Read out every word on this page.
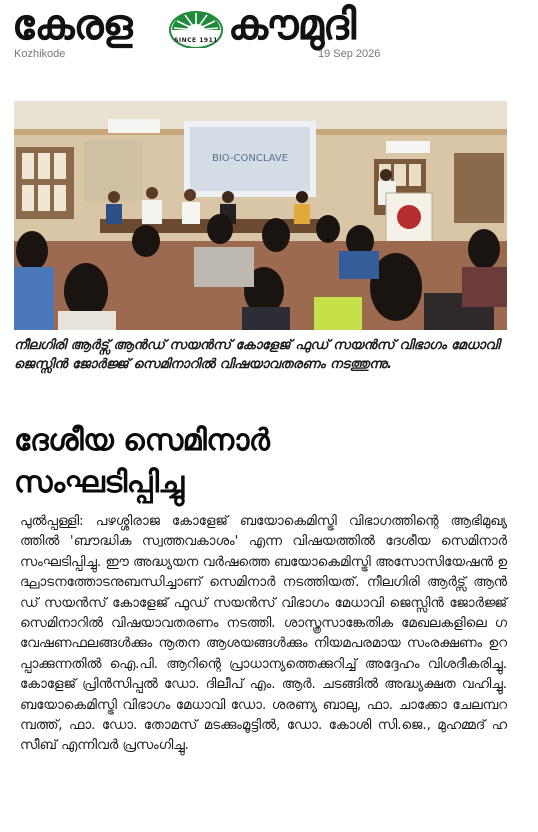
കേരള	SINCE 1911 കൗമുദി
Kozhikode	19 Sep 2026
BIO-CONCLAVE
നീലഗിരി ആർട്സ് ആൻഡ് സയൻസ് കോളേജ് ഫുഡ് സയൻസ് വിഭാഗം മേധാവി ജെസ്സിൻ ജോർജ്ജ് സെമിനാറിൽ വിഷയാവതരണം നടത്തുന്നു.
ദേശീയ സെമിനാർ
സംഘടിപ്പിച്ചു
പുൽപ്പള്ളി: പഴശ്ശിരാജ കോളേജ് ബയോകെമിസ്ട്രി വിഭാഗത്തിന്റെ ആഭിമുഖ്യത്തിൽ 'ബൗദ്ധിക സ്വത്തവകാശം' എന്ന വിഷയത്തിൽ ദേശീയ സെമിനാർ സംഘടിപ്പിച്ചു. ഈ അദ്ധ്യയന വർഷത്തെ ബയോകെമിസ്ട്രി അസോസിയേഷൻ ഉദ്ഘാടനത്തോടനുബന്ധിച്ചാണ് സെമിനാർ നടത്തിയത്. നീലഗിരി ആർട്സ് ആൻഡ് സയൻസ് കോളേജ് ഫുഡ് സയൻസ് വിഭാഗം മേധാവി ജെസ്സിൻ ജോർജ്ജ് സെമിനാറിൽ വിഷയാവതരണം നടത്തി. ശാസ്ത്രസാങ്കേതിക മേഖലകളിലെ ഗവേഷണഫലങ്ങൾക്കും നൂതന ആശയങ്ങൾക്കും നിയമപരമായ സംരക്ഷണം ഉറപ്പാക്കുന്നതിൽ ഐ.പി. ആറിന്റെ പ്രാധാന്യത്തെക്കുറിച്ച് അദ്ദേഹം വിശദീകരിച്ചു. കോളേജ് പ്രിൻസിപ്പൽ ഡോ. ദിലീപ് എം. ആർ. ചടങ്ങിൽ അദ്ധ്യക്ഷത വഹിച്ചു. ബയോകെമിസ്ട്രി വിഭാഗം മേധാവി ഡോ. ശരണ്യ ബാലു, ഫാ. ചാക്കോ ചേലമ്പറമ്പത്ത്, ഫാ. ഡോ. തോമസ് മടക്കുംമൂട്ടിൽ, ഡോ. കോശി സി.ജെ., മുഹമ്മദ് ഹസീബ് എന്നിവർ പ്രസംഗിച്ചു.
